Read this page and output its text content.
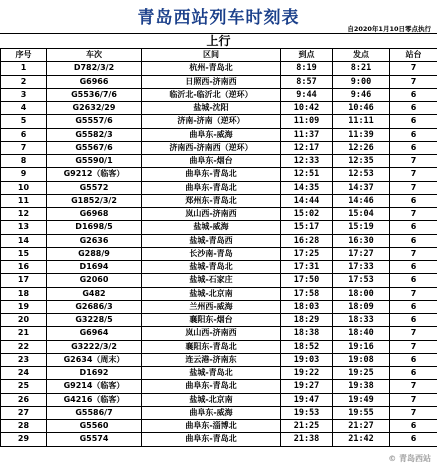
青岛西站列车时刻表
自2020年1月10日零点执行
上行
序号	车次	区间	到点	发点	站台
1	D782/3/2	杭州-青岛北	8:19	8:21	7
2	G6966	日照西-济南西	8:57	9:00	7
3	G5536/7/6	临沂北-临沂北（逆环）	9:44	9:46	6
4	G2632/29	盐城-沈阳	10:42	10:46	6
5	G5557/6	济南-济南（逆环）	11:09	11:11	6
6	G5582/3	曲阜东-威海	11:37	11:39	6
7	G5567/6	济南西-济南西（逆环）	12:17	12:26	6
8	G5590/1	曲阜东-烟台	12:33	12:35	7
9	G9212（临客）	曲阜东-青岛北	12:51	12:53	7
10	G5572	曲阜东-青岛北	14:35	14:37	7
11	G1852/3/2	郑州东-青岛北	14:44	14:46	6
12	G6968	岚山西-济南西	15:02	15:04	7
13	D1698/5	盐城-威海	15:17	15:19	6
14	G2636	盐城-青岛西	16:28	16:30	6
15	G288/9	长沙南-青岛	17:25	17:27	7
16	D1694	盐城-青岛北	17:31	17:33	6
17	G2060	盐城-石家庄	17:50	17:53	6
18	G482	盐城-北京南	17:58	18:00	7
19	G2686/3	兰州西-威海	18:03	18:09	6
20	G3228/5	襄阳东-烟台	18:29	18:33	6
21	G6964	岚山西-济南西	18:38	18:40	7
22	G3222/3/2	襄阳东-青岛北	18:52	19:16	7
23	G2634（周末）	连云港-济南东	19:03	19:08	6
24	D1692	盐城-青岛北	19:22	19:25	6
25	G9214（临客）	曲阜东-青岛北	19:27	19:38	7
26	G4216（临客）	盐城-北京南	19:47	19:49	7
27	G5586/7	曲阜东-威海	19:53	19:55	7
28	G5560	曲阜东-淄博北	21:25	21:27	6
29	G5574	曲阜东-青岛北	21:38	21:42	6
© 青岛西站
